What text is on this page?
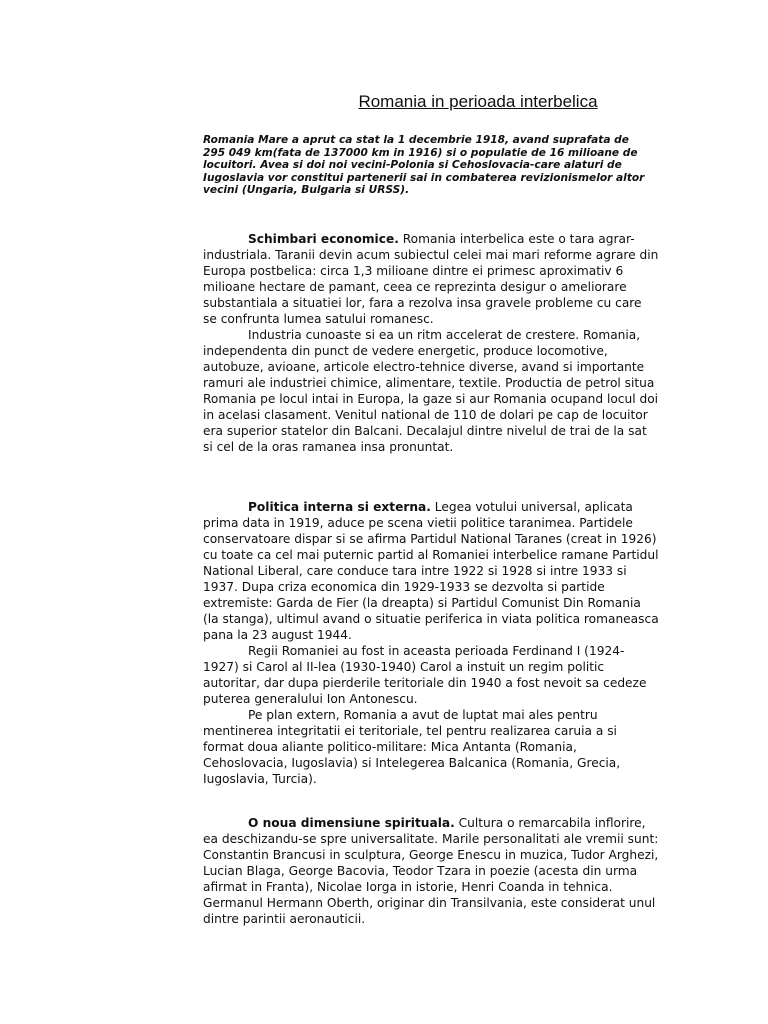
Romania in perioada interbelica

Romania Mare a aprut ca stat la 1 decembrie 1918, avand suprafata de 295 049 km(fata de 137000 km in 1916) si o populatie de 16 milioane de locuitori. Avea si doi noi vecini-Polonia si Cehoslovacia-care alaturi de Iugoslavia vor constitui partenerii sai in combaterea revizionismelor altor vecini (Ungaria, Bulgaria si URSS).

Schimbari economice. Romania interbelica este o tara agrar-industriala. Taranii devin acum subiectul celei mai mari reforme agrare din Europa postbelica: circa 1,3 milioane dintre ei primesc aproximativ 6 milioane hectare de pamant, ceea ce reprezinta desigur o ameliorare substantiala a situatiei lor, fara a rezolva insa gravele probleme cu care se confrunta lumea satului romanesc.

Industria cunoaste si ea un ritm accelerat de crestere. Romania, independenta din punct de vedere energetic, produce locomotive, autobuze, avioane, articole electro-tehnice diverse, avand si importante ramuri ale industriei chimice, alimentare, textile. Productia de petrol situa Romania pe locul intai in Europa, la gaze si aur Romania ocupand locul doi in acelasi clasament. Venitul national de 110 de dolari pe cap de locuitor era superior statelor din Balcani. Decalajul dintre nivelul de trai de la sat si cel de la oras ramanea insa pronuntat.

Politica interna si externa. Legea votului universal, aplicata prima data in 1919, aduce pe scena vietii politice taranimea. Partidele conservatoare dispar si se afirma Partidul National Taranes (creat in 1926) cu toate ca cel mai puternic partid al Romaniei interbelice ramane Partidul National Liberal, care conduce tara intre 1922 si 1928 si intre 1933 si 1937. Dupa criza economica din 1929-1933 se dezvolta si partide extremiste: Garda de Fier (la dreapta) si Partidul Comunist Din Romania (la stanga), ultimul avand o situatie periferica in viata politica romaneasca pana la 23 august 1944.

Regii Romaniei au fost in aceasta perioada Ferdinand I (1924-1927) si Carol al II-lea (1930-1940) Carol a instuit un regim politic autoritar, dar dupa pierderile teritoriale din 1940 a fost nevoit sa cedeze puterea generalului Ion Antonescu.

Pe plan extern, Romania a avut de luptat mai ales pentru mentinerea integritatii ei teritoriale, tel pentru realizarea caruia a si format doua aliante politico-militare: Mica Antanta (Romania, Cehoslovacia, Iugoslavia) si Intelegerea Balcanica (Romania, Grecia, Iugoslavia, Turcia).

O noua dimensiune spirituala. Cultura o remarcabila inflorire, ea deschizandu-se spre universalitate. Marile personalitati ale vremii sunt: Constantin Brancusi in sculptura, George Enescu in muzica, Tudor Arghezi, Lucian Blaga, George Bacovia, Teodor Tzara in poezie (acesta din urma afirmat in Franta), Nicolae Iorga in istorie, Henri Coanda in tehnica. Germanul Hermann Oberth, originar din Transilvania, este considerat unul dintre parintii aeronauticii.
